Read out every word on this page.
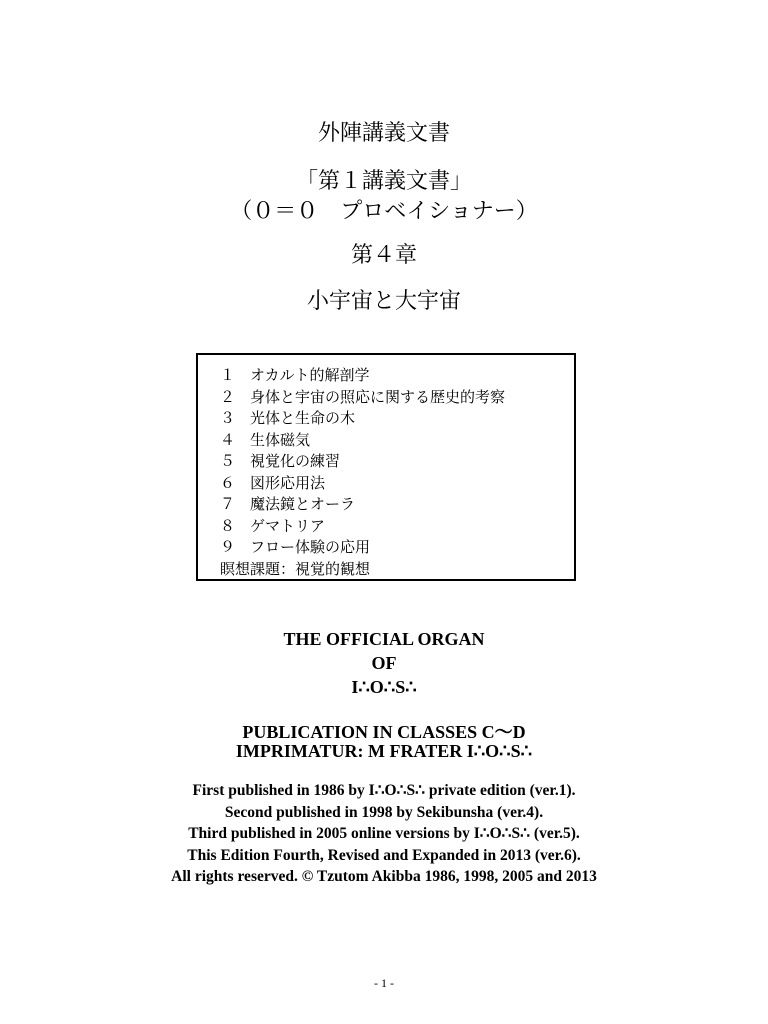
外陣講義文書
「第１講義文書」
（０＝０　プロベイショナー）
第４章
小宇宙と大宇宙
１ オカルト的解剖学
２ 身体と宇宙の照応に関する歴史的考察
３ 光体と生命の木
４ 生体磁気
５ 視覚化の練習
６ 図形応用法
７ 魔法鏡とオーラ
８ ゲマトリア
９ フロー体験の応用
瞑想課題：視覚的観想
THE OFFICIAL ORGAN
OF
I∴O∴S∴
PUBLICATION IN CLASSES C〜D
IMPRIMATUR: M FRATER I∴O∴S∴
First published in 1986 by I∴O∴S∴ private edition (ver.1).
Second published in 1998 by Sekibunsha (ver.4).
Third published in 2005 online versions by I∴O∴S∴ (ver.5).
This Edition Fourth, Revised and Expanded in 2013 (ver.6).
All rights reserved. © Tzutom Akibba 1986, 1998, 2005 and 2013
- 1 -
